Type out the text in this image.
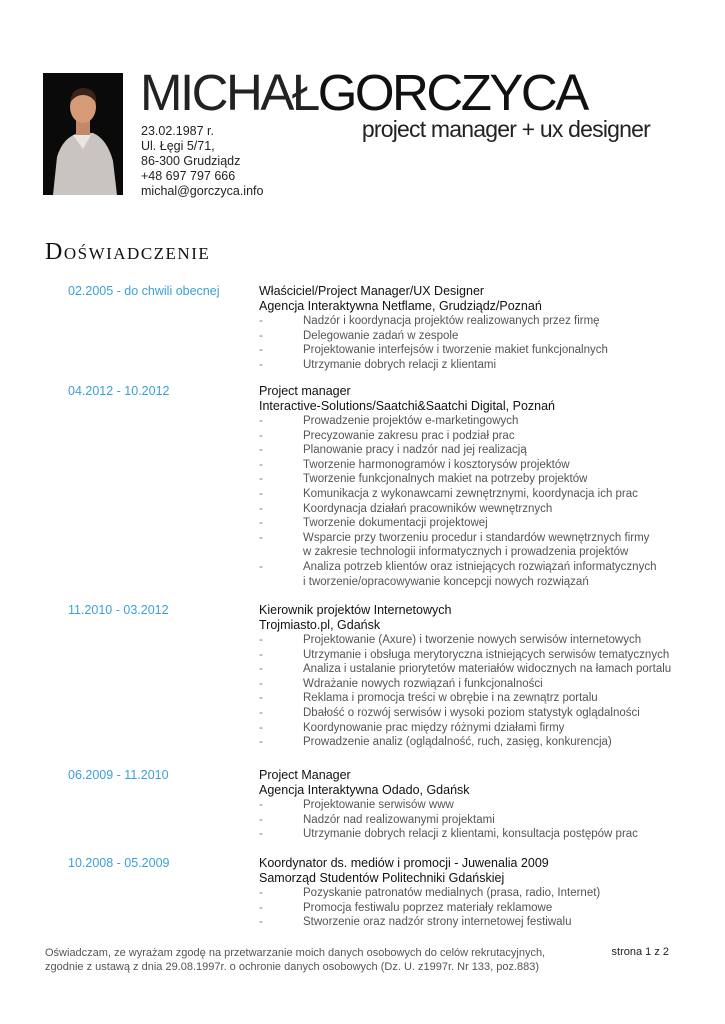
MICHAŁGORCZYCA
project manager + ux designer
23.02.1987 r.
Ul. Łęgi 5/71,
86-300 Grudziądz
+48 697 797 666
michal@gorczyca.info
Doświadczenie
02.2005 - do chwili obecnej	Właściciel/Project Manager/UX Designer
Agencja Interaktywna Netflame, Grudziądz/Poznań
-	Nadzór i koordynacja projektów realizowanych przez firmę
-	Delegowanie zadań w zespole
-	Projektowanie interfejsów i tworzenie makiet funkcjonalnych
-	Utrzymanie dobrych relacji z klientami
04.2012 - 10.2012	Project manager
Interactive-Solutions/Saatchi&Saatchi Digital, Poznań
-	Prowadzenie projektów e-marketingowych
-	Precyzowanie zakresu prac i podział prac
-	Planowanie pracy i nadzór nad jej realizacją
-	Tworzenie harmonogramów i kosztorysów projektów
-	Tworzenie funkcjonalnych makiet na potrzeby projektów
-	Komunikacja z wykonawcami zewnętrznymi, koordynacja ich prac
-	Koordynacja działań pracowników wewnętrznych
-	Tworzenie dokumentacji projektowej
-	Wsparcie przy tworzeniu procedur i standardów wewnętrznych firmy
w zakresie technologii informatycznych i prowadzenia projektów
-	Analiza potrzeb klientów oraz istniejących rozwiązań informatycznych
i tworzenie/opracowywanie koncepcji nowych rozwiązań
11.2010 - 03.2012	Kierownik projektów Internetowych
Trojmiasto.pl, Gdańsk
-	Projektowanie (Axure) i tworzenie nowych serwisów internetowych
-	Utrzymanie i obsługa merytoryczna istniejących serwisów tematycznych
-	Analiza i ustalanie priorytetów materiałów widocznych na łamach portalu
-	Wdrażanie nowych rozwiązań i funkcjonalności
-	Reklama i promocja treści w obrębie i na zewnątrz portalu
-	Dbałość o rozwój serwisów i wysoki poziom statystyk oglądalności
-	Koordynowanie prac między różnymi działami firmy
-	Prowadzenie analiz (oglądalność, ruch, zasięg, konkurencja)
06.2009 - 11.2010	Project Manager
Agencja Interaktywna Odado, Gdańsk
-	Projektowanie serwisów www
-	Nadzór nad realizowanymi projektami
-	Utrzymanie dobrych relacji z klientami, konsultacja postępów prac
10.2008 - 05.2009	Koordynator ds. mediów i promocji - Juwenalia 2009
Samorząd Studentów Politechniki Gdańskiej
-	Pozyskanie patronatów medialnych (prasa, radio, Internet)
-	Promocja festiwalu poprzez materiały reklamowe
-	Stworzenie oraz nadzór strony internetowej festiwalu
Oświadczam, ze wyrażam zgodę na przetwarzanie moich danych osobowych do celów rekrutacyjnych, zgodnie z ustawą z dnia 29.08.1997r. o ochronie danych osobowych (Dz. U. z1997r. Nr 133, poz.883)
strona 1 z 2
